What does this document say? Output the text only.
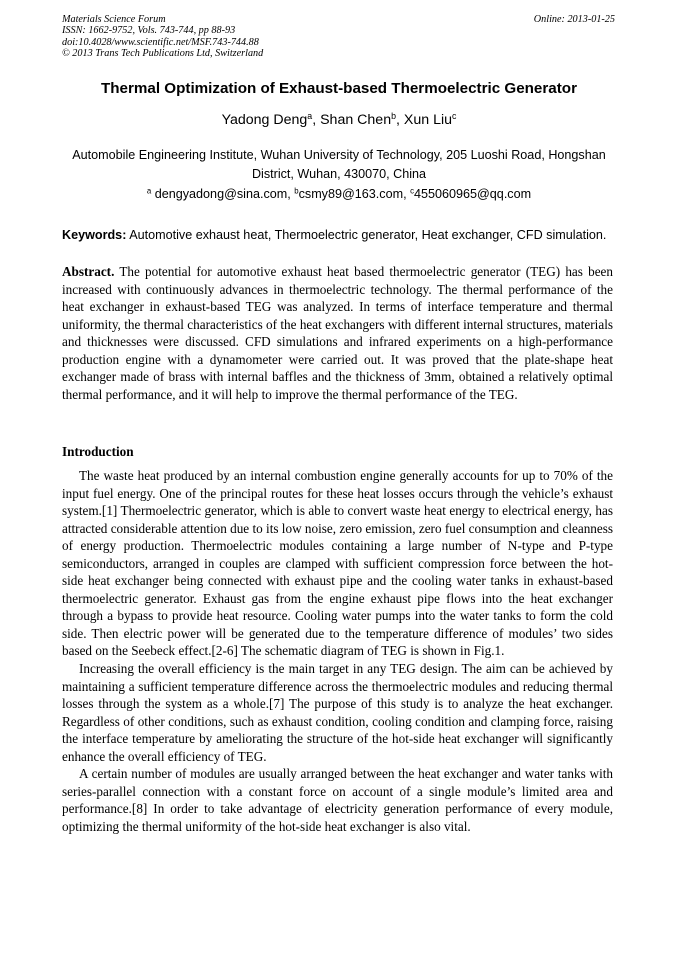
Materials Science Forum
ISSN: 1662-9752, Vols. 743-744, pp 88-93
doi:10.4028/www.scientific.net/MSF.743-744.88
© 2013 Trans Tech Publications Ltd, Switzerland
Online: 2013-01-25
Thermal Optimization of Exhaust-based Thermoelectric Generator
Yadong Deng$^a$, Shan Chen$^b$, Xun Liu$^c$
Automobile Engineering Institute, Wuhan University of Technology, 205 Luoshi Road, Hongshan District, Wuhan, 430070, China
$^a$ dengyadong@sina.com, $^b$csmy89@163.com, $^c$455060965@qq.com
Keywords: Automotive exhaust heat, Thermoelectric generator, Heat exchanger, CFD simulation.
Abstract. The potential for automotive exhaust heat based thermoelectric generator (TEG) has been increased with continuously advances in thermoelectric technology. The thermal performance of the heat exchanger in exhaust-based TEG was analyzed. In terms of interface temperature and thermal uniformity, the thermal characteristics of the heat exchangers with different internal structures, materials and thicknesses were discussed. CFD simulations and infrared experiments on a high-performance production engine with a dynamometer were carried out. It was proved that the plate-shape heat exchanger made of brass with internal baffles and the thickness of 3mm, obtained a relatively optimal thermal performance, and it will help to improve the thermal performance of the TEG.
Introduction

The waste heat produced by an internal combustion engine generally accounts for up to 70% of the input fuel energy. One of the principal routes for these heat losses occurs through the vehicle’s exhaust system.[1] Thermoelectric generator, which is able to convert waste heat energy to electrical energy, has attracted considerable attention due to its low noise, zero emission, zero fuel consumption and cleanness of energy production. Thermoelectric modules containing a large number of N-type and P-type semiconductors, arranged in couples are clamped with sufficient compression force between the hot-side heat exchanger being connected with exhaust pipe and the cooling water tanks in exhaust-based thermoelectric generator. Exhaust gas from the engine exhaust pipe flows into the heat exchanger through a bypass to provide heat resource. Cooling water pumps into the water tanks to form the cold side. Then electric power will be generated due to the temperature difference of modules’ two sides based on the Seebeck effect.[2-6] The schematic diagram of TEG is shown in Fig.1.

Increasing the overall efficiency is the main target in any TEG design. The aim can be achieved by maintaining a sufficient temperature difference across the thermoelectric modules and reducing thermal losses through the system as a whole.[7] The purpose of this study is to analyze the heat exchanger. Regardless of other conditions, such as exhaust condition, cooling condition and clamping force, raising the interface temperature by ameliorating the structure of the hot-side heat exchanger will significantly enhance the overall efficiency of TEG.

A certain number of modules are usually arranged between the heat exchanger and water tanks with series-parallel connection with a constant force on account of a single module’s limited area and performance.[8] In order to take advantage of electricity generation performance of every module, optimizing the thermal uniformity of the hot-side heat exchanger is also vital.
